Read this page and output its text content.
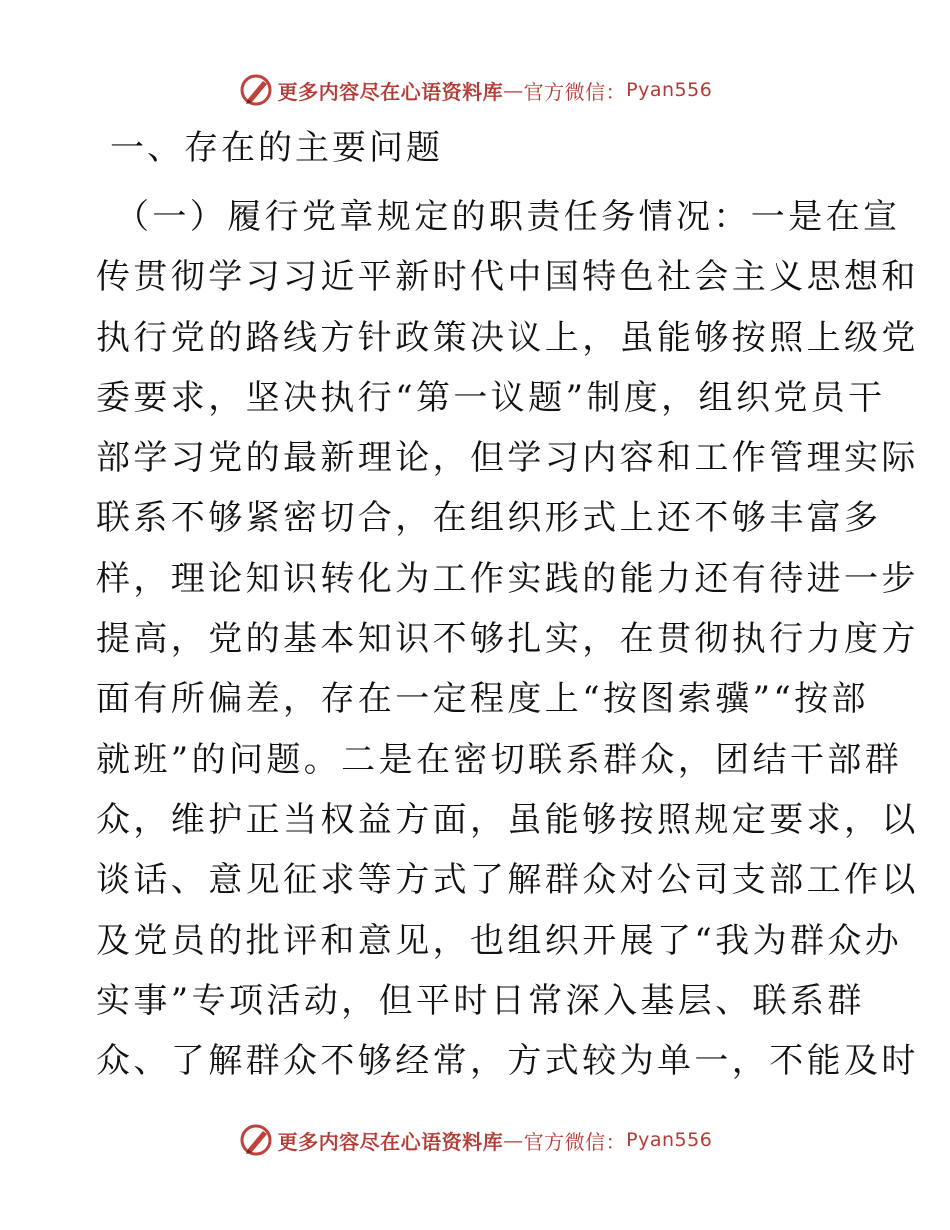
更多内容尽在心语资料库 — 官方微信： Pyan556
一、存在的主要问题
（一）履行党章规定的职责任务情况：一是在宣
传贯彻学习习近平新时代中国特色社会主义思想和
执行党的路线方针政策决议上，虽能够按照上级党
委要求，坚决执行“第一议题”制度，组织党员干
部学习党的最新理论，但学习内容和工作管理实际
联系不够紧密切合，在组织形式上还不够丰富多
样，理论知识转化为工作实践的能力还有待进一步
提高，党的基本知识不够扎实，在贯彻执行力度方
面有所偏差，存在一定程度上“按图索骥”“按部
就班”的问题。二是在密切联系群众，团结干部群
众，维护正当权益方面，虽能够按照规定要求，以
谈话、意见征求等方式了解群众对公司支部工作以
及党员的批评和意见，也组织开展了“我为群众办
实事”专项活动，但平时日常深入基层、联系群
众、了解群众不够经常，方式较为单一，不能及时
更多内容尽在心语资料库 — 官方微信： Pyan556
